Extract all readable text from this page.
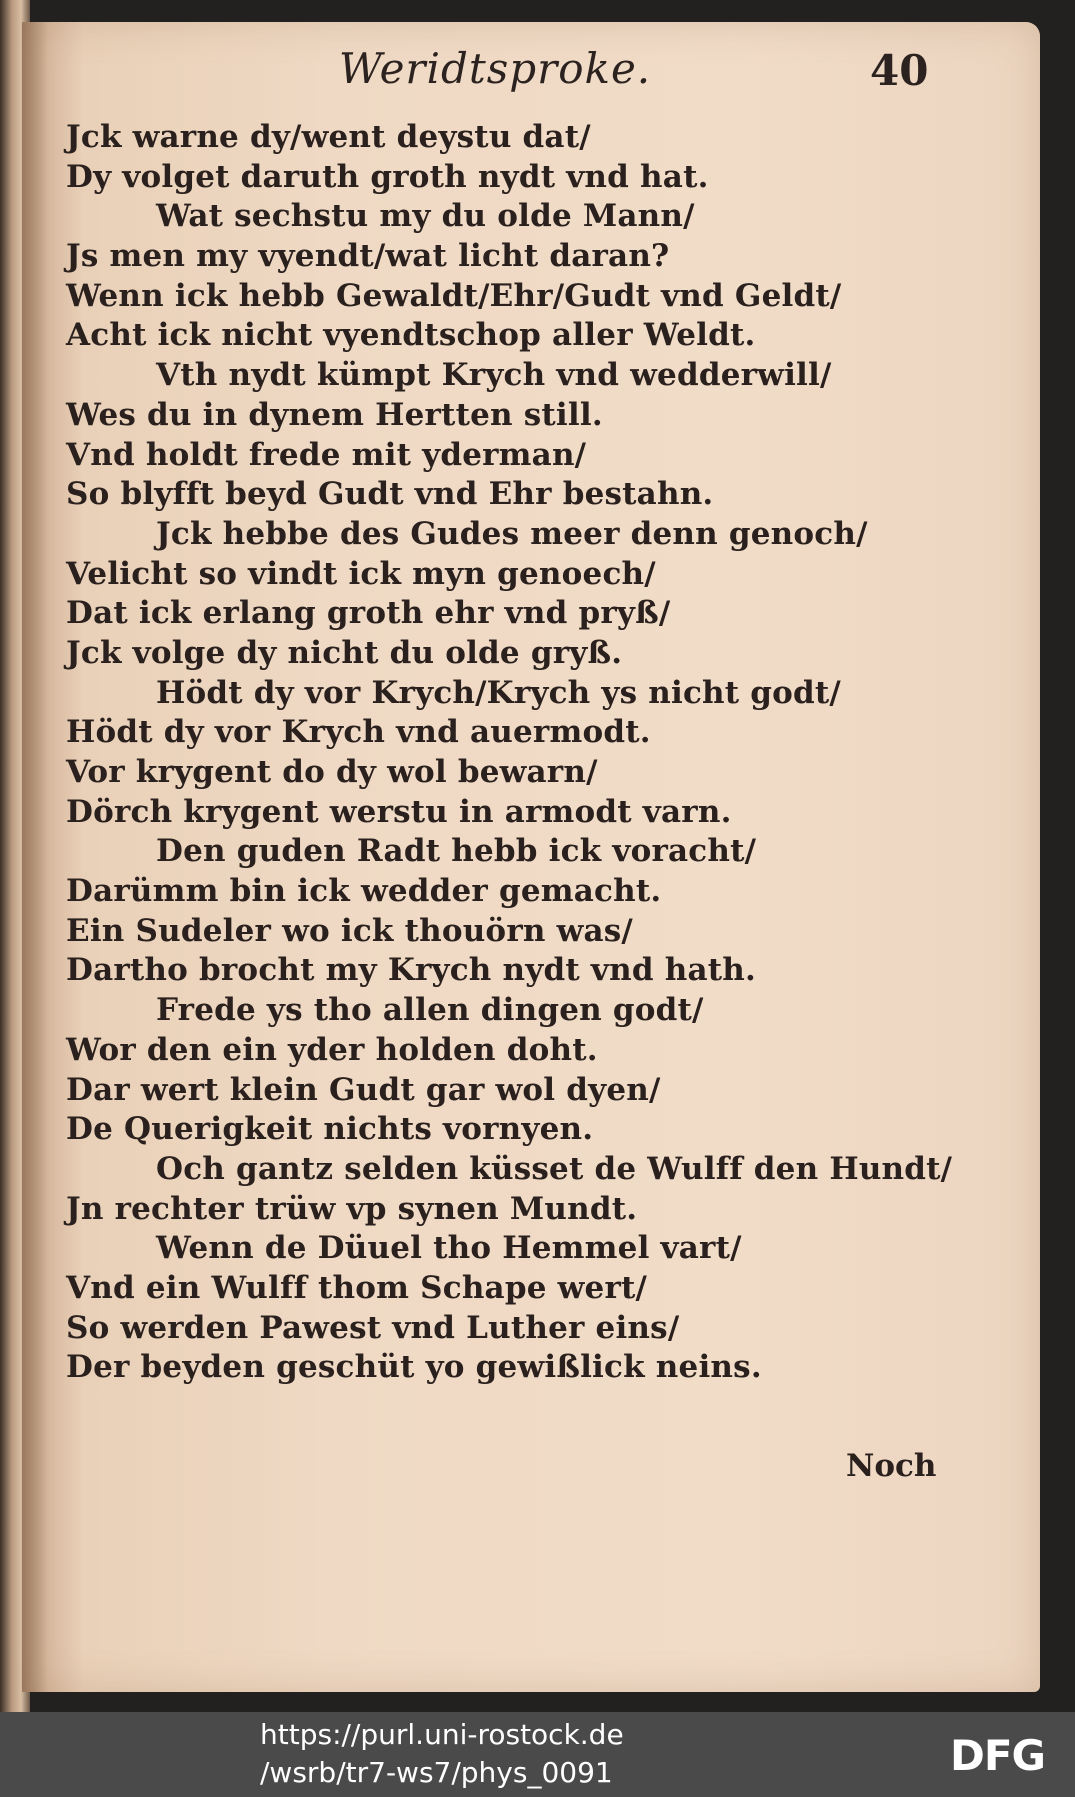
Weridtsproke.	40
Jck warne dy/went deystu dat/
Dy volget daruth groth nydt vnd hat.
Wat sechstu my du olde Mann/
Js men my vyendt/wat licht daran?
Wenn ick hebb Gewaldt/Ehr/Gudt vnd Geldt/
Acht ick nicht vyendtschop aller Weldt.
Vth nydt kümpt Krych vnd wedderwill/
Wes du in dynem Hertten still.
Vnd holdt frede mit yderman/
So blyfft beyd Gudt vnd Ehr bestahn.
Jck hebbe des Gudes meer denn genoch/
Velicht so vindt ick myn genoech/
Dat ick erlang groth ehr vnd pryß/
Jck volge dy nicht du olde gryß.
Hödt dy vor Krych/Krych ys nicht godt/
Hödt dy vor Krych vnd auermodt.
Vor krygent do dy wol bewarn/
Dörch krygent werstu in armodt varn.
Den guden Radt hebb ick voracht/
Darümm bin ick wedder gemacht.
Ein Sudeler wo ick thouörn was/
Dartho brocht my Krych nydt vnd hath.
Frede ys tho allen dingen godt/
Wor den ein yder holden doht.
Dar wert klein Gudt gar wol dyen/
De Querigkeit nichts vornyen.
Och gantz selden küsset de Wulff den Hundt/
Jn rechter trüw vp synen Mundt.
Wenn de Düuel tho Hemmel vart/
Vnd ein Wulff thom Schape wert/
So werden Pawest vnd Luther eins/
Der beyden geschüt yo gewißlick neins.
Noch
https://purl.uni-rostock.de
/wsrb/tr7-ws7/phys_0091	DFG
